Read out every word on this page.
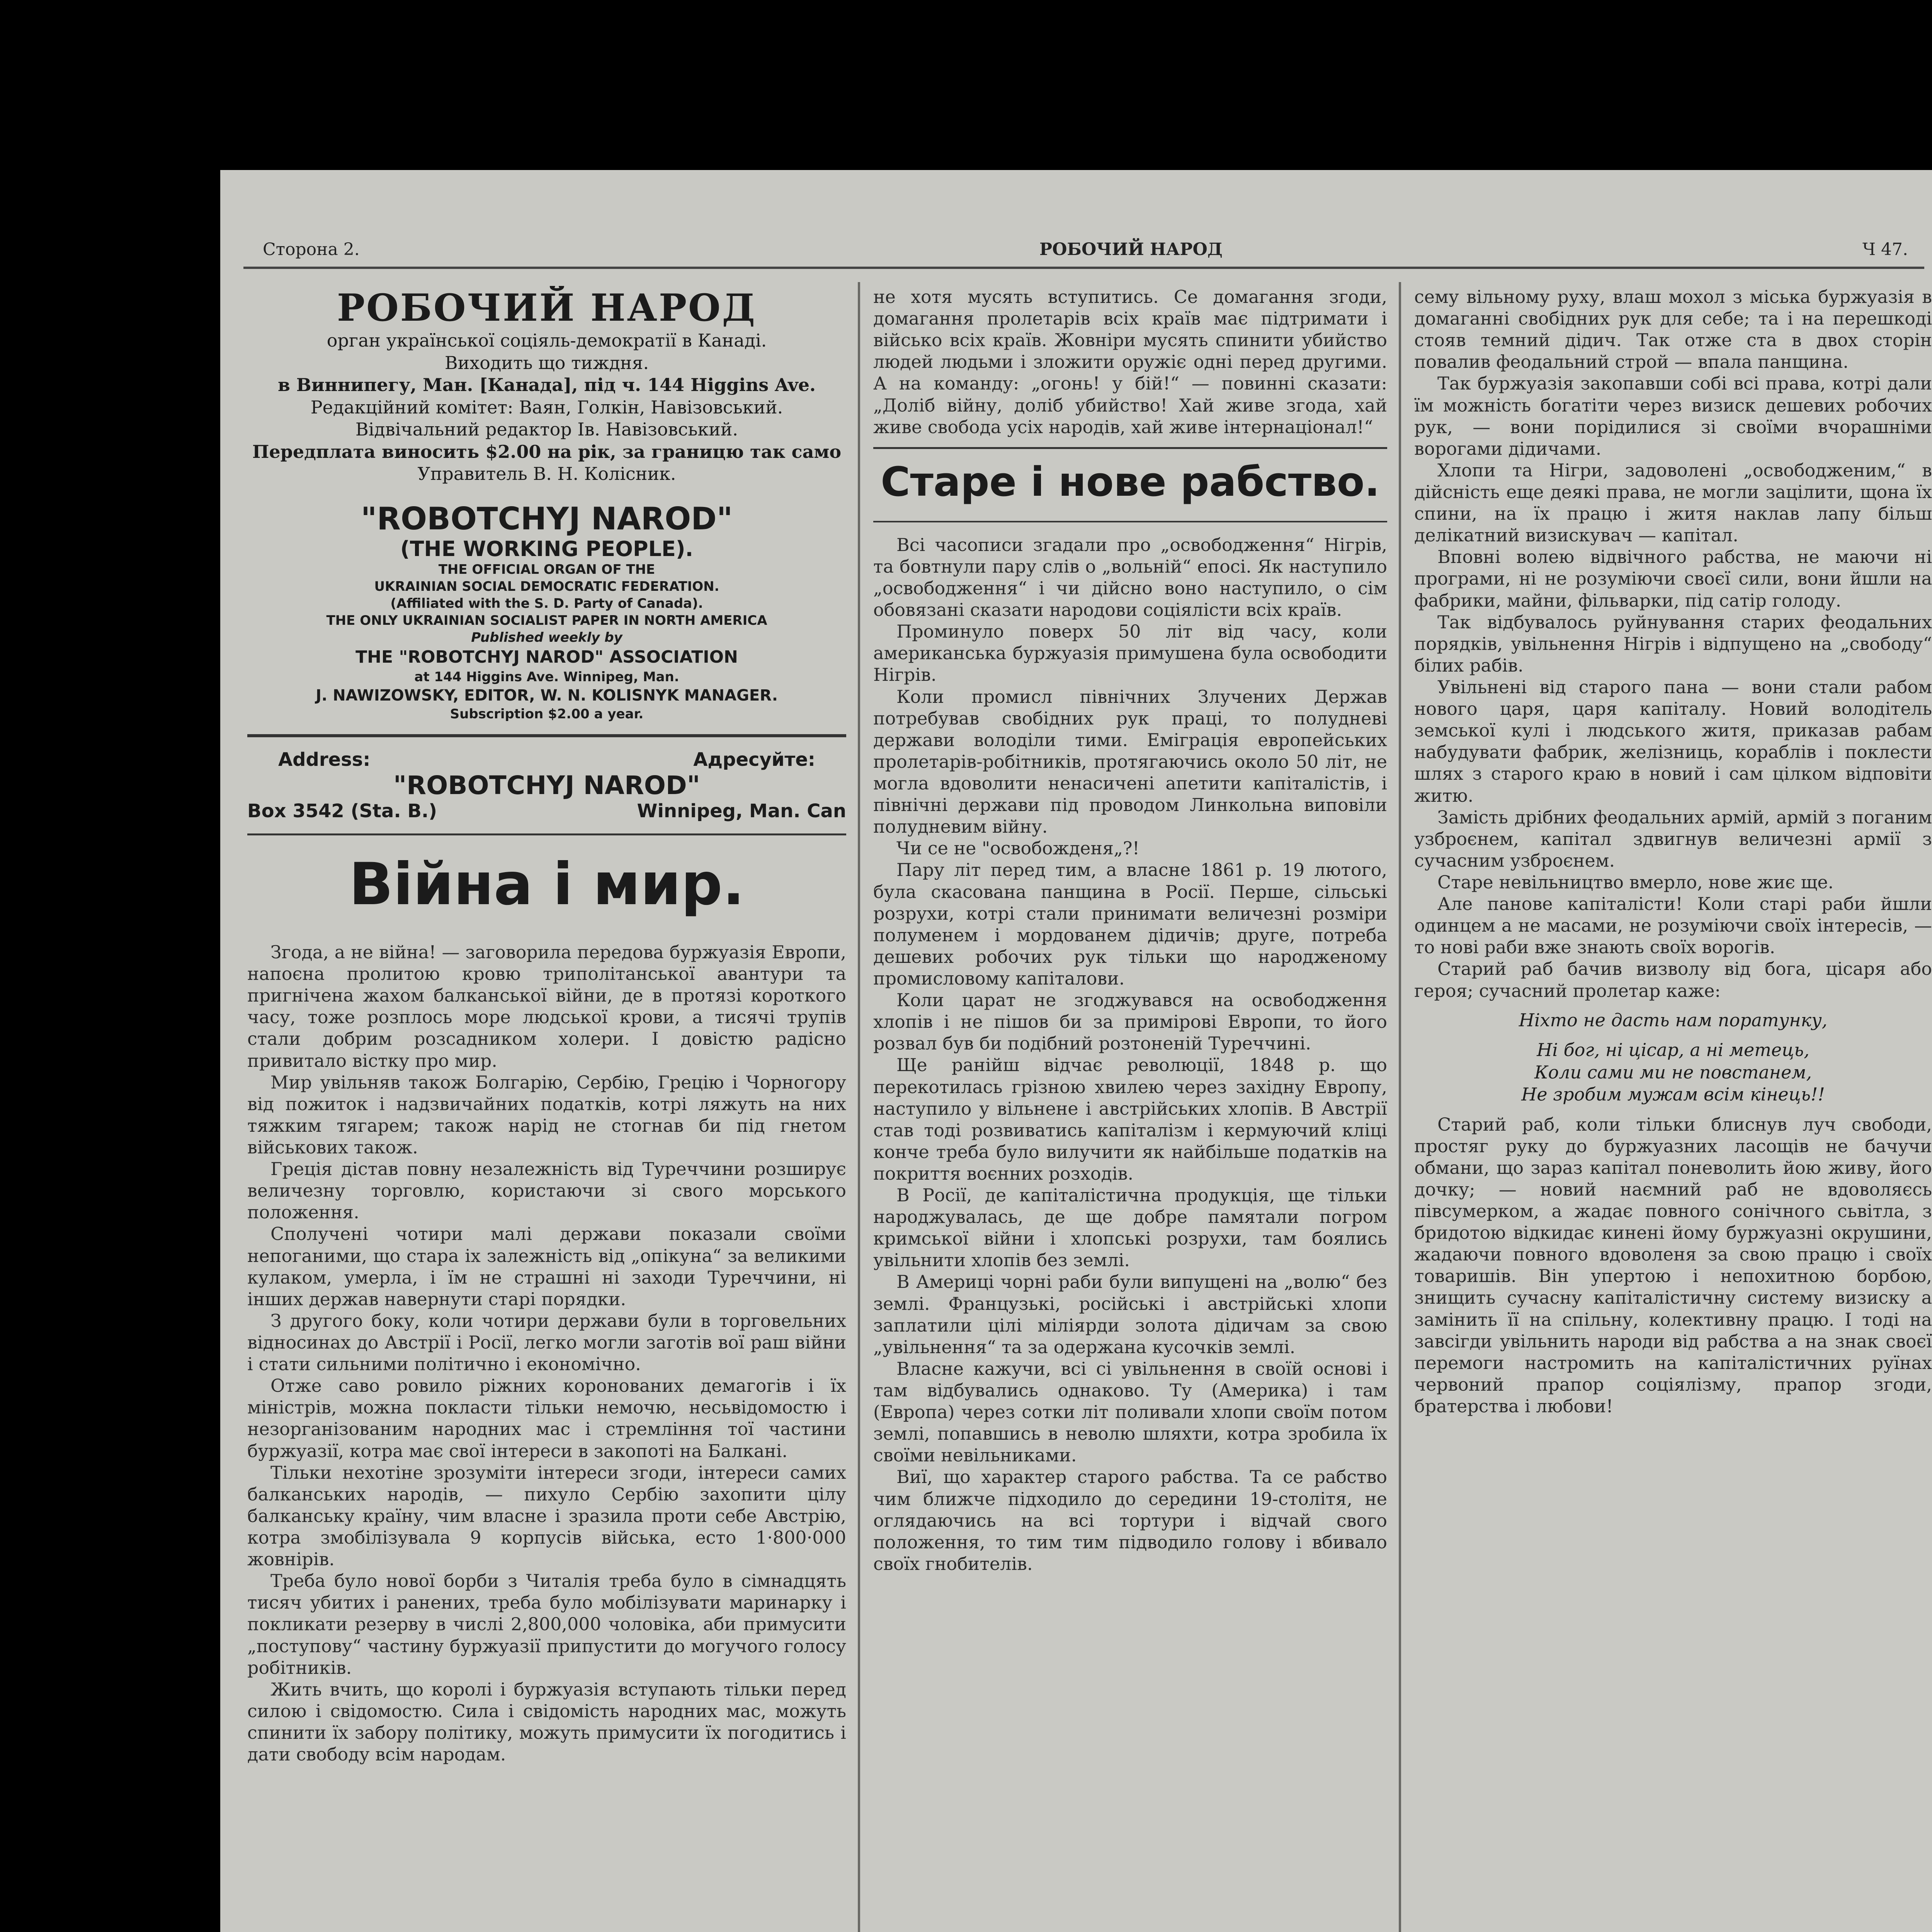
Сторона 2.	РОБОЧИЙ НАРОД	Ч 47.
РОБОЧИЙ НАРОД
орган української соціяль-демократії в Канаді.
Виходить що тиждня.
в Виннипегу, Ман. [Канада], під ч. 144 Higgins Ave.
Редакційний комітет: Ваян, Голкін, Навізовський.
Відвічальний редактор Ів. Навізовський.
Передплата виносить $2.00 на рік, за границю так само
Управитель В. Н. Колісник.
"ROBOTCHYJ NAROD"
(THE WORKING PEOPLE).
THE OFFICIAL ORGAN OF THE
UKRAINIAN SOCIAL DEMOCRATIC FEDERATION.
(Affiliated with the S. D. Party of Canada).
THE ONLY UKRAINIAN SOCIALIST PAPER IN NORTH AMERICA
Published weekly by
THE "ROBOTCHYJ NAROD" ASSOCIATION
at 144 Higgins Ave. Winnipeg, Man.
J. NAWIZOWSKY, EDITOR, W. N. KOLISNYK MANAGER.
Subscription $2.00 a year.
Address:	Адресуйте:
"ROBOTCHYJ NAROD"
Box 3542 (Sta. B.)	Winnipeg, Man. Can
Війна і мир.

Згода, а не війна! — заговорила передова буржуазія Европи, напоєна пролитою кровю триполітанської авантури та пригнічена жахом балканської війни, де в протязі короткого часу, тоже розплось море людської крови, а тисячі трупів стали добрим розсадником холери. І довістю радісно привитало вістку про мир.

Мир увільняв також Болгарію, Сербію, Грецію і Чорногору від пожиток і надзвичайних податків, котрі ляжуть на них тяжким тягарем; також нарід не стогнав би під гнетом військових також.

Греція дістав повну незалежність від Туреччини розширує величезну торговлю, користаючи зі свого морського положення.

Сполучені чотири малі держави показали своїми непоганими, що стара іх залежність від „опікуна“ за великими кулаком, умерла, і їм не страшні ні заходи Туреччини, ні інших держав навернути старі порядки.

З другого боку, коли чотири держави були в торговельних відносинах до Австрії і Росії, легко могли заготів вої раш війни і стати сильними політично і економічно.

Отже саво ровило ріжних коронованих демагогів і їх міністрів, можна покласти тільки немочю, несьвідомостю і незорганізованим народних мас і стремління тої частини буржуазії, котра має свої інтереси в закопоті на Балкані.

Тільки нехотіне зрозуміти інтереси згоди, інтереси самих балканських народів, — пихуло Сербію захопити цілу балканську країну, чим власне і зразила проти себе Австрію, котра змобілізувала 9 корпусів війська, есто 1·800·000 жовнірів.

Треба було нової борби з Читалія треба було в сімнадцять тисяч убитих і ранених, треба було мобілізувати маринарку і покликати резерву в числі 2,800,000 чоловіка, аби примусити „поступову“ частину буржуазії припустити до могучого голосу робітників.

Жить вчить, що королі і буржуазія вступають тільки перед силою і свідомостю. Сила і свідомість народних мас, можуть спинити їх забору політику, можуть примусити їх погодитись і дати свободу всім народам.

не хотя мусять вступитись. Се домагання згоди, домагання пролетарів всіх країв має підтримати і військо всіх країв. Жовніри мусять спинити убийство людей людьми і зложити оружіє одні перед другими. А на команду: „огонь! у бій!“ — повинні сказати: „Доліб війну, доліб убийство! Хай живе згода, хай живе свобода усіх народів, хай живе інтернаціонал!“

Старе і нове рабство.

Всі часописи згадали про „освободження“ Нігрів, та бовтнули пару слів о „вольній“ епосі. Як наступило „освободження“ і чи дійсно воно наступило, о сім обовязані сказати народови соціялісти всіх країв.

Проминуло поверх 50 літ від часу, коли американська буржуазія примушена була освободити Нігрів.

Коли промисл північних Злучених Держав потребував свобідних рук праці, то полудневі держави володіли тими. Еміграція европейських пролетарів-робітників, протягаючись около 50 літ, не могла вдоволити ненасичені апетити капіталістів, і північні держави під проводом Линкольна виповіли полудневим війну.

Чи се не "освобожденя„?!

Пару літ перед тим, а власне 1861 р. 19 лютого, була скасована панщина в Росії. Перше, сільські розрухи, котрі стали принимати величезні розміри полуменем і мордованем дідичів; друге, потреба дешевих робочих рук тільки що народженому промисловому капіталови.

Коли царат не згоджувався на освободження хлопів і не пішов би за примірові Европи, то його розвал був би подібний розтоненій Туреччині.

Ще ранійш відчає революції, 1848 р. що перекотилась грізною хвилею через західну Европу, наступило у вільнене і австрійських хлопів. В Австрії став тоді розвиватись капіталізм і кермуючий кліці конче треба було вилучити як найбільше податків на покриття воєнних розходів.

В Росії, де капіталістична продукція, ще тільки народжувалась, де ще добре памятали погром кримської війни і хлопські розрухи, там боялись увільнити хлопів без землі.

В Америці чорні раби були випущені на „волю“ без землі. Французькі, російські і австрійські хлопи заплатили цілі міліярди золота дідичам за свою „увільнення“ та за одержана кусочків землі.

Власне кажучи, всі сі увільнення в своїй основі і там відбувались однаково. Ту (Америка) і там (Европа) через сотки літ поливали хлопи своїм потом землі, попавшись в неволю шляхти, котра зробила їх своїми невільниками.

Виї, що характер старого рабства. Та се рабство чим ближче підходило до середини 19-столітя, не оглядаючись на всі тортури і відчай свого положення, то тим тим підводило голову і вбивало своїх гнобителів.

сему вільному руху, влаш мохол з міська буржуазія в домаганні свобідних рук для себе; та і на перешкоді стояв темний дідич. Так отже ста в двох сторін повалив феодальний строй — впала панщина.

Так буржуазія закопавши собі всі права, котрі дали їм можність богатіти через визиск дешевих робочих рук, — вони порідилися зі своїми вчорашніми ворогами дідичами.

Хлопи та Нігри, задоволені „освободженим,“ в дійсність еще деякі права, не могли зацілити, щона їх спини, на їх працю і житя наклав лапу більш делікатний визискувач — капітал.

Вповні волею відвічного рабства, не маючи ні програми, ні не розуміючи своєї сили, вони йшли на фабрики, майни, фільварки, під сатір голоду.

Так відбувалось руйнування старих феодальних порядків, увільнення Нігрів і відпущено на „свободу“ білих рабів.

Увільнені від старого пана — вони стали рабом нового царя, царя капіталу. Новий володітель земської кулі і людського житя, приказав рабам набудувати фабрик, желізниць, кораблів і поклести шлях з старого краю в новий і сам цілком відповіти житю.

Замість дрібних феодальних армій, армій з поганим узброєнем, капітал здвигнув величезні армії з сучасним узброєнем.

Старе невільництво вмерло, нове жиє ще.

Але панове капіталісти! Коли старі раби йшли одинцем а не масами, не розуміючи своїх інтересів, — то нові раби вже знають своїх ворогів.

Старий раб бачив визволу від бога, цісаря або героя; сучасний пролетар каже:

Ніхто не дасть нам поратунку,
Ні бог, ні цісар, а ні метець,
Коли сами ми не повстанем,
Не зробим мужам всім кінець!!

Старий раб, коли тільки блиснув луч свободи, простяг руку до буржуазних ласощів не бачучи обмани, що зараз капітал поневолить йою живу, його дочку; — новий наємний раб не вдоволяєсь півсумерком, а жадає повного сонічного сьвітла, з бридотою відкидає кинені йому буржуазні окрушини, жадаючи повного вдоволеня за свою працю і своїх товаришів. Він упертою і непохитною борбою, знищить сучасну капіталістичну систему визиску а замінить її на спільну, колективну працю. І тоді на завсігди увільнить народи від рабства а на знак своєї перемоги настромить на капіталістичних руїнах червоний прапор соціялізму, прапор згоди, братерства і любови!
